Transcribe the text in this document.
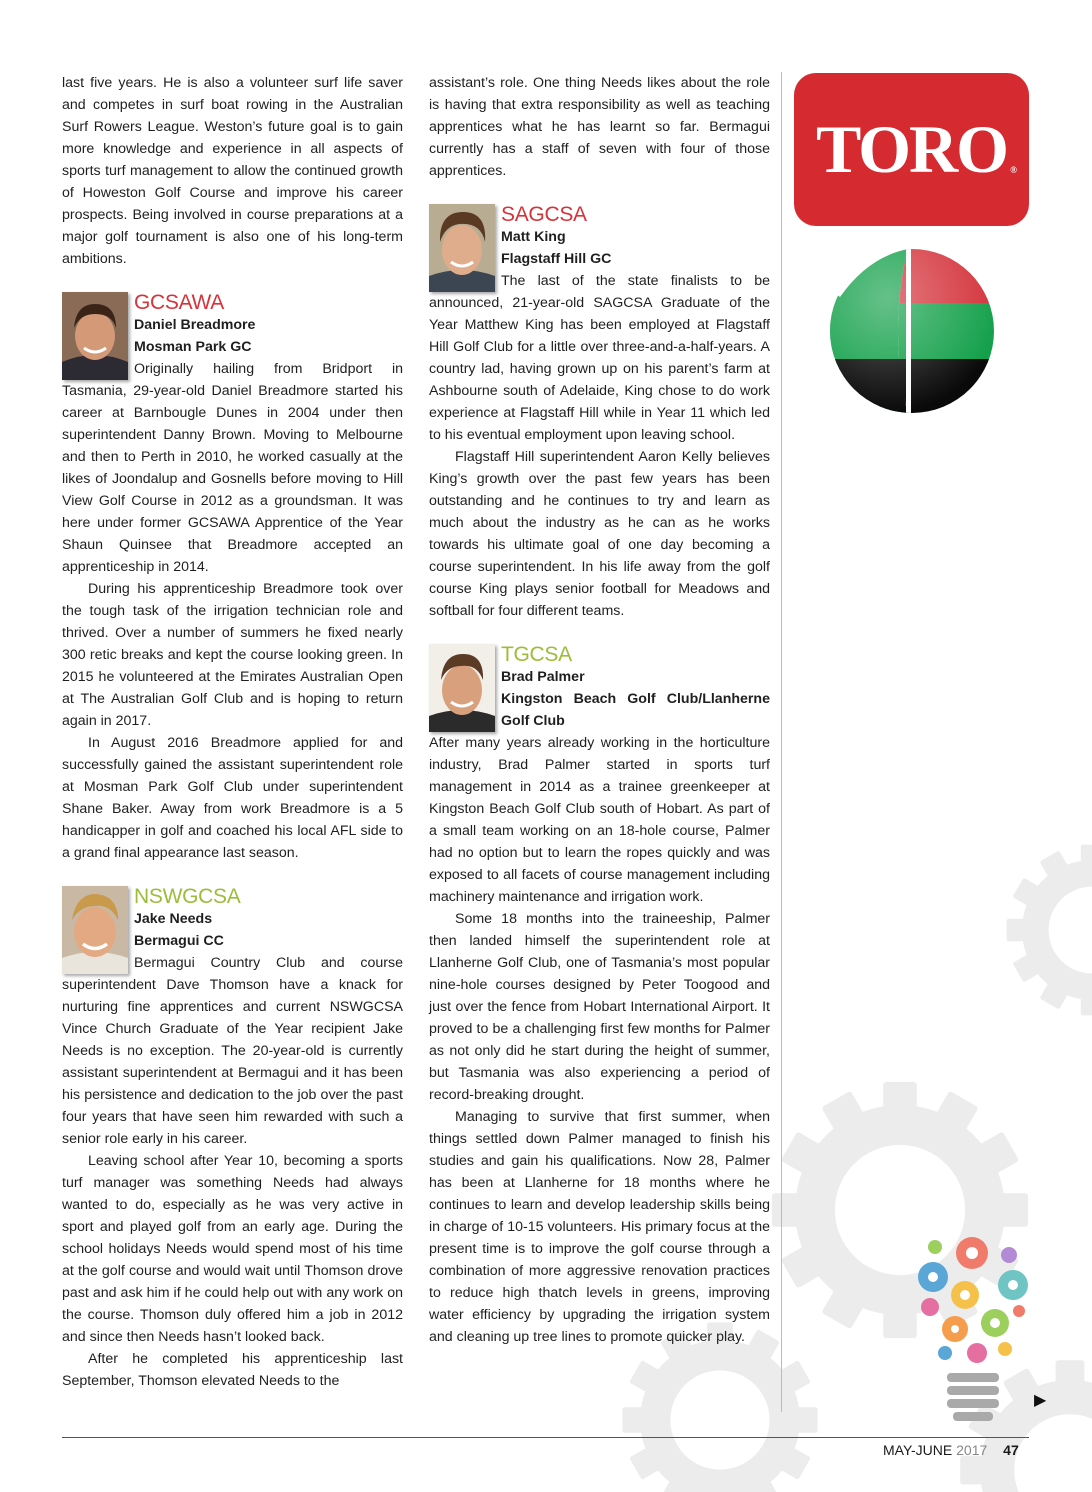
last five years. He is also a volunteer surf life saver and competes in surf boat rowing in the Australian Surf Rowers League. Weston’s future goal is to gain more knowledge and experience in all aspects of sports turf management to allow the continued growth of Howeston Golf Course and improve his career prospects. Being involved in course preparations at a major golf tournament is also one of his long-term ambitions.

GCSAWA

Daniel Breadmore

Mosman Park GC

Originally hailing from Bridport in Tasmania, 29-year-old Daniel Breadmore started his career at Barnbougle Dunes in 2004 under then superintendent Danny Brown. Moving to Melbourne and then to Perth in 2010, he worked casually at the likes of Joondalup and Gosnells before moving to Hill View Golf Course in 2012 as a groundsman. It was here under former GCSAWA Apprentice of the Year Shaun Quinsee that Breadmore accepted an apprenticeship in 2014.

During his apprenticeship Breadmore took over the tough task of the irrigation technician role and thrived. Over a number of summers he fixed nearly 300 retic breaks and kept the course looking green. In 2015 he volunteered at the Emirates Australian Open at The Australian Golf Club and is hoping to return again in 2017.

In August 2016 Breadmore applied for and successfully gained the assistant superintendent role at Mosman Park Golf Club under superintendent Shane Baker. Away from work Breadmore is a 5 handicapper in golf and coached his local AFL side to a grand final appearance last season.

NSWGCSA

Jake Needs

Bermagui CC

Bermagui Country Club and course superintendent Dave Thomson have a knack for nurturing fine apprentices and current NSWGCSA Vince Church Graduate of the Year recipient Jake Needs is no exception. The 20-year-old is currently assistant superintendent at Bermagui and it has been his persistence and dedication to the job over the past four years that have seen him rewarded with such a senior role early in his career.

Leaving school after Year 10, becoming a sports turf manager was something Needs had always wanted to do, especially as he was very active in sport and played golf from an early age. During the school holidays Needs would spend most of his time at the golf course and would wait until Thomson drove past and ask him if he could help out with any work on the course. Thomson duly offered him a job in 2012 and since then Needs hasn’t looked back.

After he completed his apprenticeship last September, Thomson elevated Needs to the

assistant’s role. One thing Needs likes about the role is having that extra responsibility as well as teaching apprentices what he has learnt so far. Bermagui currently has a staff of seven with four of those apprentices.

SAGCSA

Matt King

Flagstaff Hill GC

The last of the state finalists to be announced, 21-year-old SAGCSA Graduate of the Year Matthew King has been employed at Flagstaff Hill Golf Club for a little over three-and-a-half-years. A country lad, having grown up on his parent’s farm at Ashbourne south of Adelaide, King chose to do work experience at Flagstaff Hill while in Year 11 which led to his eventual employment upon leaving school.

Flagstaff Hill superintendent Aaron Kelly believes King’s growth over the past few years has been outstanding and he continues to try and learn as much about the industry as he can as he works towards his ultimate goal of one day becoming a course superintendent. In his life away from the golf course King plays senior football for Meadows and softball for four different teams.

TGCSA

Brad Palmer

Kingston Beach Golf Club/Llanherne Golf Club

After many years already working in the horticulture industry, Brad Palmer started in sports turf management in 2014 as a trainee greenkeeper at Kingston Beach Golf Club south of Hobart. As part of a small team working on an 18-hole course, Palmer had no option but to learn the ropes quickly and was exposed to all facets of course management including machinery maintenance and irrigation work.

Some 18 months into the traineeship, Palmer then landed himself the superintendent role at Llanherne Golf Club, one of Tasmania’s most popular nine-hole courses designed by Peter Toogood and just over the fence from Hobart International Airport. It proved to be a challenging first few months for Palmer as not only did he start during the height of summer, but Tasmania was also experiencing a period of record-breaking drought.

Managing to survive that first summer, when things settled down Palmer managed to finish his studies and gain his qualifications. Now 28, Palmer has been at Llanherne for 18 months where he continues to learn and develop leadership skills being in charge of 10-15 volunteers. His primary focus at the present time is to improve the golf course through a combination of more aggressive renovation practices to reduce high thatch levels in greens, improving water efficiency by upgrading the irrigation system and cleaning up tree lines to promote quicker play.

TORO ®
▶
MAY-JUNE 2017 47
